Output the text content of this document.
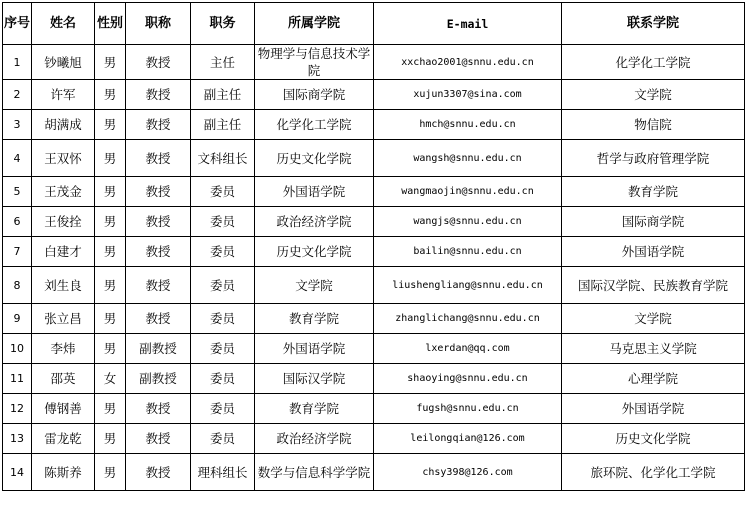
序号	姓名	性别	职称	职务	所属学院	E-mail	联系学院
1	钞曦旭	男	教授	主任	物理学与信息技术学院	xxchao2001@snnu.edu.cn	化学化工学院
2	许军	男	教授	副主任	国际商学院	xujun3307@sina.com	文学院
3	胡满成	男	教授	副主任	化学化工学院	hmch@snnu.edu.cn	物信院
4	王双怀	男	教授	文科组长	历史文化学院	wangsh@snnu.edu.cn	哲学与政府管理学院
5	王茂金	男	教授	委员	外国语学院	wangmaojin@snnu.edu.cn	教育学院
6	王俊拴	男	教授	委员	政治经济学院	wangjs@snnu.edu.cn	国际商学院
7	白建才	男	教授	委员	历史文化学院	bailin@snnu.edu.cn	外国语学院
8	刘生良	男	教授	委员	文学院	liushengliang@snnu.edu.cn	国际汉学院、民族教育学院
9	张立昌	男	教授	委员	教育学院	zhanglichang@snnu.edu.cn	文学院
10	李炜	男	副教授	委员	外国语学院	lxerdan@qq.com	马克思主义学院
11	邵英	女	副教授	委员	国际汉学院	shaoying@snnu.edu.cn	心理学院
12	傅钢善	男	教授	委员	教育学院	fugsh@snnu.edu.cn	外国语学院
13	雷龙乾	男	教授	委员	政治经济学院	leilongqian@126.com	历史文化学院
14	陈斯养	男	教授	理科组长	数学与信息科学学院	chsy398@126.com	旅环院、化学化工学院
